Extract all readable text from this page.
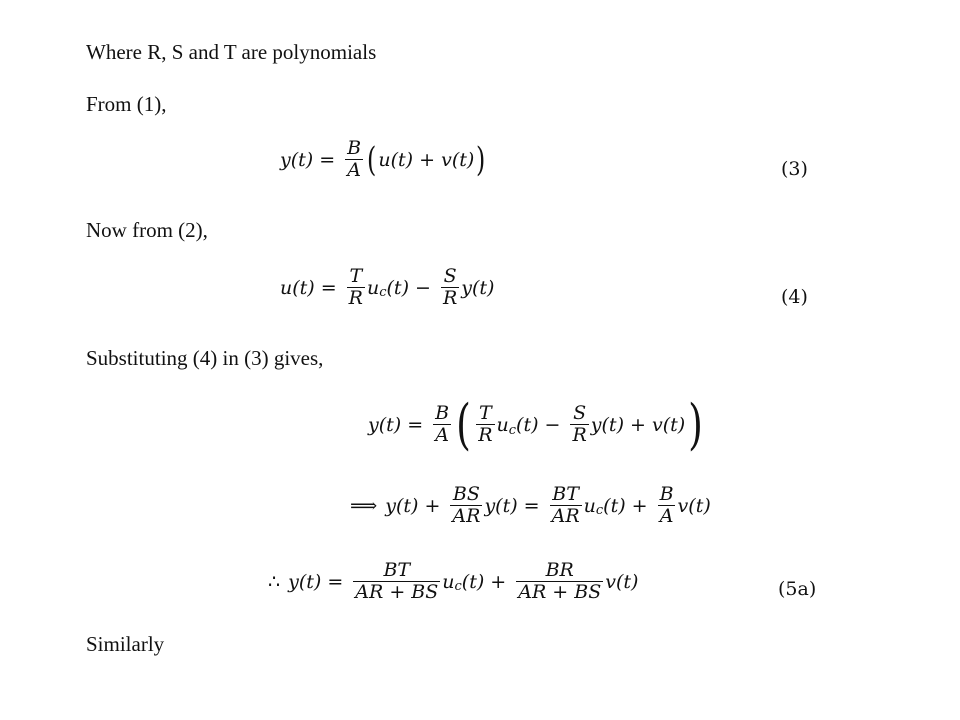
Where R, S and T are polynomials
From (1),
$y(t) = \frac{B}{A}$ ( u(t) + v(t) )	(3)
Now from (2),
$u(t) = \frac{T}{R}$ u c $(t) - \frac{S}{R} y(t)$	(4)
Substituting (4) in (3) gives,
$y(t) = \frac{B}{A}$ ( $\frac{T}{R}$ u c $(t) - \frac{S}{R} y(t) + v(t)$ )
⟹ $y(t) + \frac{BS}{AR} y(t) = \frac{BT}{AR}$ u c $(t) + \frac{B}{A} v(t)$
∴ $y(t) = \frac{BT}{AR + BS}$ u c $(t) + \frac{BR}{AR + BS} v(t)$	(5a)
Similarly
